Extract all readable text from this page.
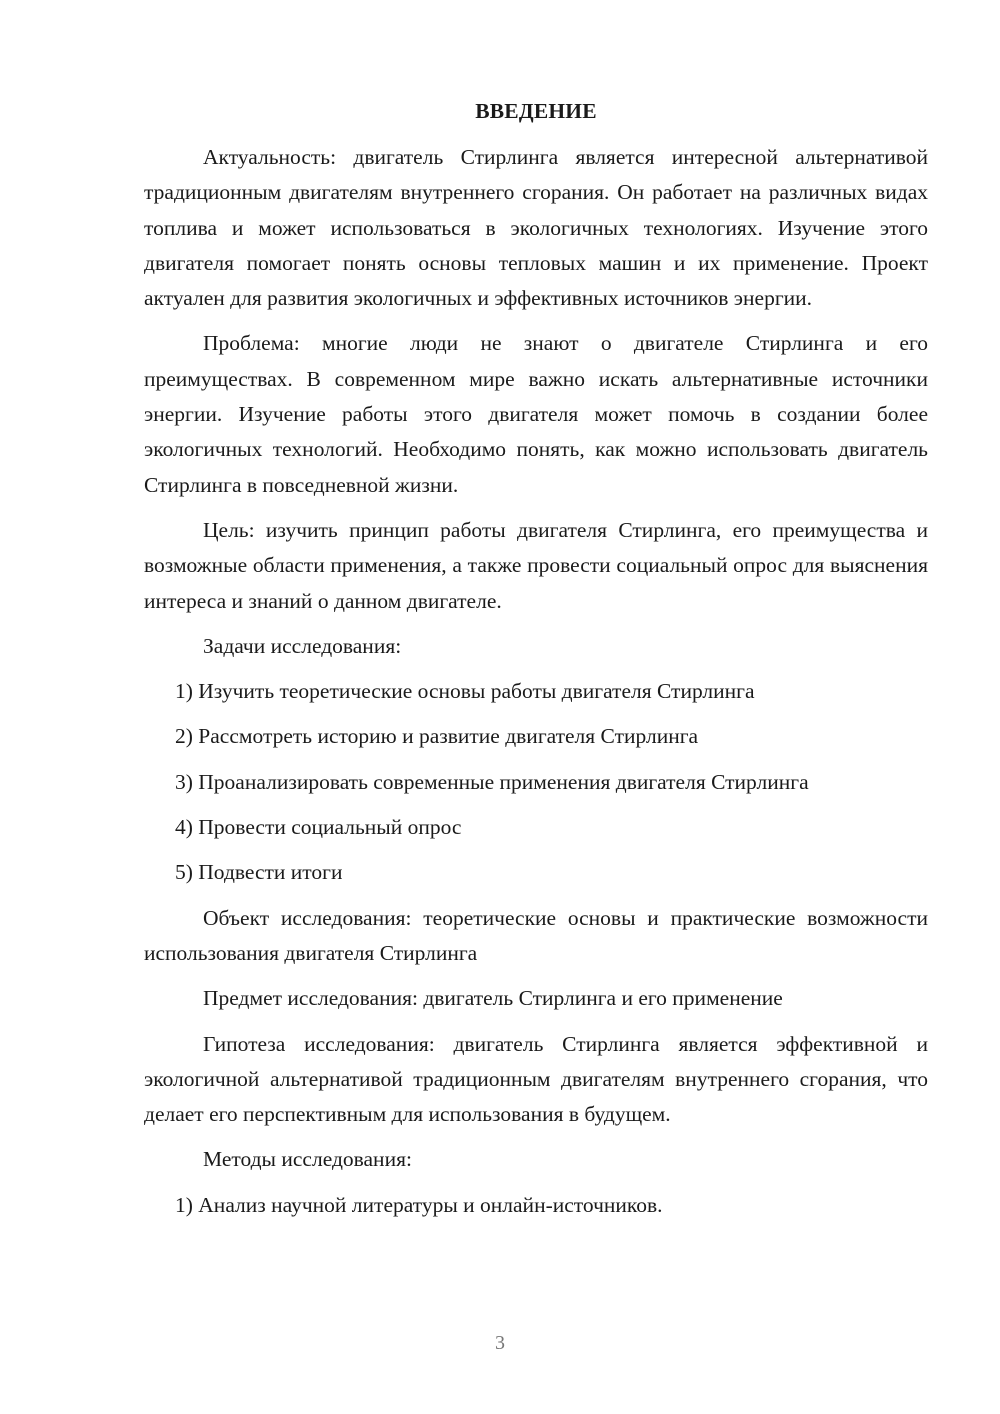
ВВЕДЕНИЕ

Актуальность: двигатель Стирлинга является интересной альтернативой традиционным двигателям внутреннего сгорания. Он работает на различных видах топлива и может использоваться в экологичных технологиях. Изучение этого двигателя помогает понять основы тепловых машин и их применение. Проект актуален для развития экологичных и эффективных источников энергии.

Проблема: многие люди не знают о двигателе Стирлинга и его преимуществах. В современном мире важно искать альтернативные источники энергии. Изучение работы этого двигателя может помочь в создании более экологичных технологий. Необходимо понять, как можно использовать двигатель Стирлинга в повседневной жизни.

Цель: изучить принцип работы двигателя Стирлинга, его преимущества и возможные области применения, а также провести социальный опрос для выяснения интереса и знаний о данном двигателе.

Задачи исследования:
1) Изучить теоретические основы работы двигателя Стирлинга
2) Рассмотреть историю и развитие двигателя Стирлинга
3) Проанализировать современные применения двигателя Стирлинга
4) Провести социальный опрос
5) Подвести итоги

Объект исследования: теоретические основы и практические возможности использования двигателя Стирлинга

Предмет исследования: двигатель Стирлинга и его применение

Гипотеза исследования: двигатель Стирлинга является эффективной и экологичной альтернативой традиционным двигателям внутреннего сгорания, что делает его перспективным для использования в будущем.

Методы исследования:
1) Анализ научной литературы и онлайн-источников.
3
